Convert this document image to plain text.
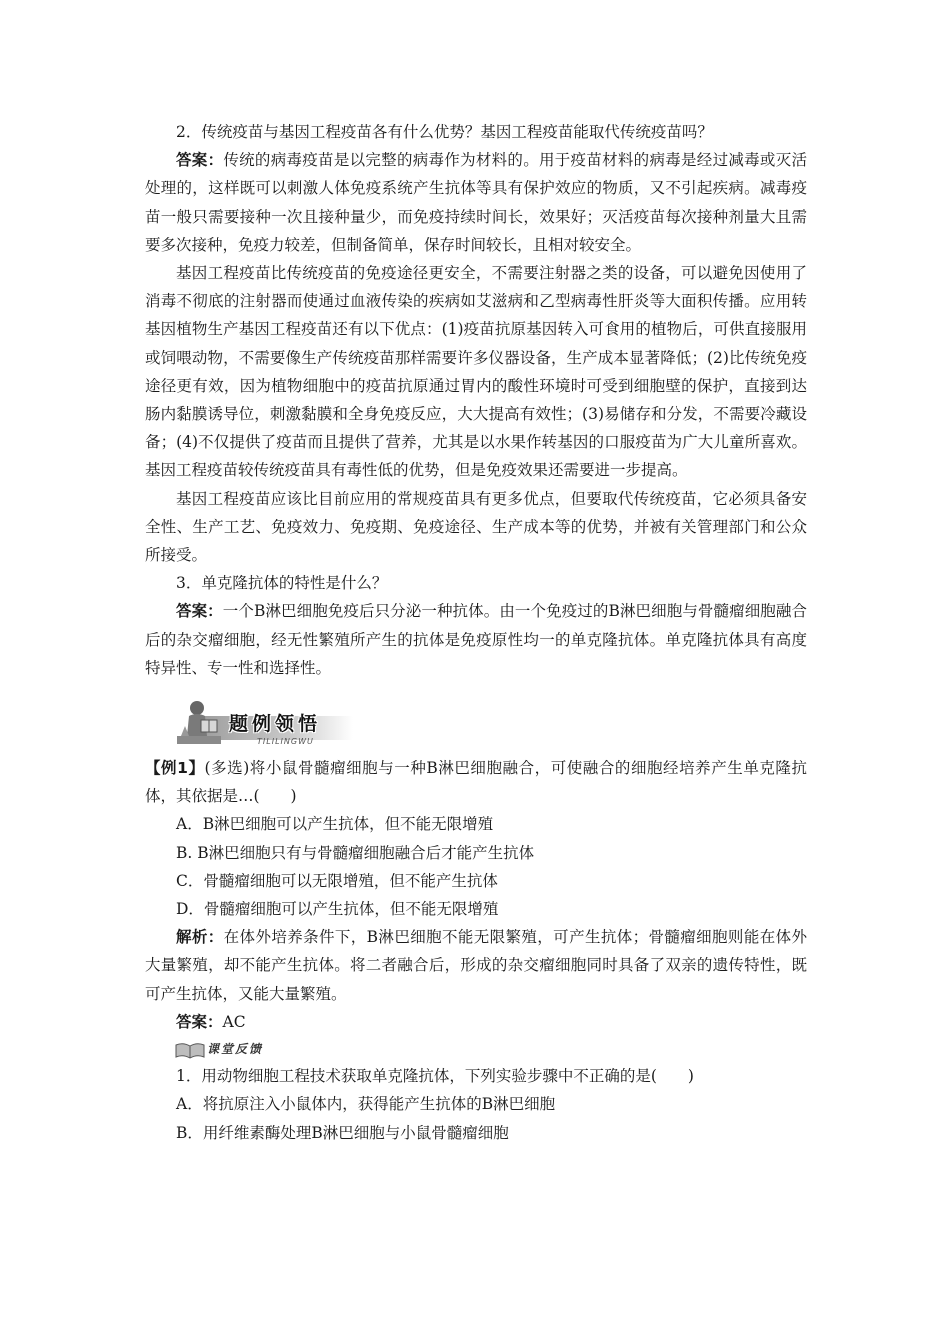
2．传统疫苗与基因工程疫苗各有什么优势？基因工程疫苗能取代传统疫苗吗？

答案：传统的病毒疫苗是以完整的病毒作为材料的。用于疫苗材料的病毒是经过减毒或灭活处理的，这样既可以刺激人体免疫系统产生抗体等具有保护效应的物质，又不引起疾病。减毒疫苗一般只需要接种一次且接种量少，而免疫持续时间长，效果好；灭活疫苗每次接种剂量大且需要多次接种，免疫力较差，但制备简单，保存时间较长，且相对较安全。

基因工程疫苗比传统疫苗的免疫途径更安全，不需要注射器之类的设备，可以避免因使用了消毒不彻底的注射器而使通过血液传染的疾病如艾滋病和乙型病毒性肝炎等大面积传播。应用转基因植物生产基因工程疫苗还有以下优点：(1)疫苗抗原基因转入可食用的植物后，可供直接服用或饲喂动物，不需要像生产传统疫苗那样需要许多仪器设备，生产成本显著降低；(2)比传统免疫途径更有效，因为植物细胞中的疫苗抗原通过胃内的酸性环境时可受到细胞壁的保护，直接到达肠内黏膜诱导位，刺激黏膜和全身免疫反应，大大提高有效性；(3)易储存和分发，不需要冷藏设备；(4)不仅提供了疫苗而且提供了营养，尤其是以水果作转基因的口服疫苗为广大儿童所喜欢。基因工程疫苗较传统疫苗具有毒性低的优势，但是免疫效果还需要进一步提高。

基因工程疫苗应该比目前应用的常规疫苗具有更多优点，但要取代传统疫苗，它必须具备安全性、生产工艺、免疫效力、免疫期、免疫途径、生产成本等的优势，并被有关管理部门和公众所接受。

3．单克隆抗体的特性是什么？

答案：一个B淋巴细胞免疫后只分泌一种抗体。由一个免疫过的B淋巴细胞与骨髓瘤细胞融合后的杂交瘤细胞，经无性繁殖所产生的抗体是免疫原性均一的单克隆抗体。单克隆抗体具有高度特异性、专一性和选择性。

题例领悟
TILILINGWU

【例1】(多选)将小鼠骨髓瘤细胞与一种B淋巴细胞融合，可使融合的细胞经培养产生单克隆抗体，其依据是…(　　)

A．B淋巴细胞可以产生抗体，但不能无限增殖

B. B淋巴细胞只有与骨髓瘤细胞融合后才能产生抗体

C．骨髓瘤细胞可以无限增殖，但不能产生抗体

D．骨髓瘤细胞可以产生抗体，但不能无限增殖

解析：在体外培养条件下，B淋巴细胞不能无限繁殖，可产生抗体；骨髓瘤细胞则能在体外大量繁殖，却不能产生抗体。将二者融合后，形成的杂交瘤细胞同时具备了双亲的遗传特性，既可产生抗体，又能大量繁殖。

答案：AC

课堂反馈

1．用动物细胞工程技术获取单克隆抗体，下列实验步骤中不正确的是(　　)

A．将抗原注入小鼠体内，获得能产生抗体的B淋巴细胞

B．用纤维素酶处理B淋巴细胞与小鼠骨髓瘤细胞
